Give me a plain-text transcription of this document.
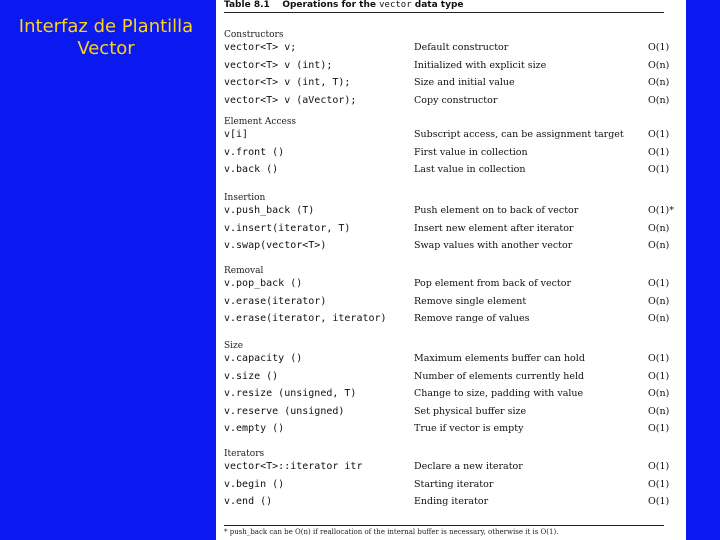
Interfaz de Plantilla
Vector
Table 8.1 Operations for the vector data type
Constructors
vector<T> v;	Default constructor	O(1)
vector<T> v (int);	Initialized with explicit size	O(n)
vector<T> v (int, T);	Size and initial value	O(n)
vector<T> v (aVector);	Copy constructor	O(n)
Element Access
v[i]	Subscript access, can be assignment target	O(1)
v.front ()	First value in collection	O(1)
v.back ()	Last value in collection	O(1)
Insertion
v.push_back (T)	Push element on to back of vector	O(1)*
v.insert(iterator, T)	Insert new element after iterator	O(n)
v.swap(vector<T>)	Swap values with another vector	O(n)
Removal
v.pop_back ()	Pop element from back of vector	O(1)
v.erase(iterator)	Remove single element	O(n)
v.erase(iterator, iterator)	Remove range of values	O(n)
Size
v.capacity ()	Maximum elements buffer can hold	O(1)
v.size ()	Number of elements currently held	O(1)
v.resize (unsigned, T)	Change to size, padding with value	O(n)
v.reserve (unsigned)	Set physical buffer size	O(n)
v.empty ()	True if vector is empty	O(1)
Iterators
vector<T>::iterator itr	Declare a new iterator	O(1)
v.begin ()	Starting iterator	O(1)
v.end ()	Ending iterator	O(1)
* push_back can be O(n) if reallocation of the internal buffer is necessary, otherwise it is O(1).
